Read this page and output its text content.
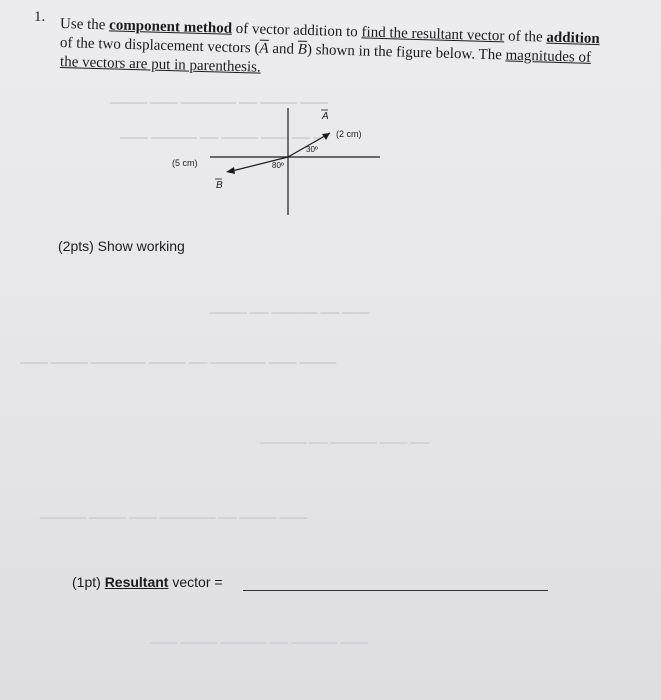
1. Use the component method of vector addition to find the resultant vector of the addition
of the two displacement vectors ($\overline{A}$ and $\overline{B}$) shown in the figure below. The magnitudes of
the vectors are put in parenthesis.
▁▁▁ ▁▁▁▁ ▁▁ ▁▁▁▁▁▁ ▁▁▁ ▁▁▁▁
▁ ▁▁ ▁▁▁ ▁▁▁▁ ▁▁ ▁▁▁▁▁ ▁▁▁
▁▁▁ ▁▁ ▁▁▁▁▁ ▁▁ ▁▁▁▁
▁▁▁▁ ▁▁▁ ▁▁▁▁▁▁ ▁▁ ▁▁▁▁ ▁▁▁▁▁▁ ▁▁▁▁ ▁▁▁
▁▁ ▁▁▁ ▁▁▁▁▁ ▁▁ ▁▁▁▁▁
▁▁▁ ▁▁▁▁ ▁▁ ▁▁▁▁▁▁ ▁▁▁ ▁▁▁▁ ▁▁▁▁▁
▁▁▁ ▁▁▁▁▁ ▁▁ ▁▁▁▁▁ ▁▁▁▁ ▁▁▁
A
(2 cm)
30º
(5 cm)	80º
B
(2pts) Show working
(1pt) Resultant vector =
